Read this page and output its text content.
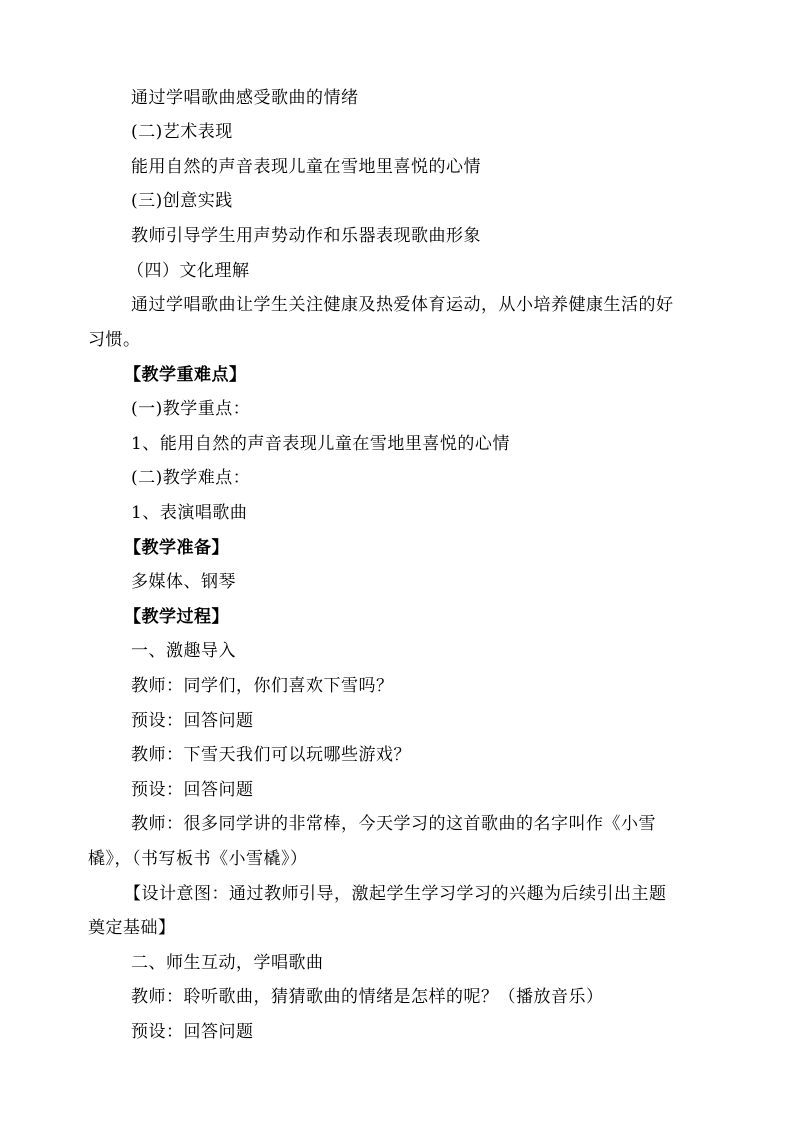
通过学唱歌曲感受歌曲的情绪
(二)艺术表现
能用自然的声音表现儿童在雪地里喜悦的心情
(三)创意实践
教师引导学生用声势动作和乐器表现歌曲形象
（四）文化理解
通过学唱歌曲让学生关注健康及热爱体育运动，从小培养健康生活的好
习惯。
【教学重难点】
(一)教学重点：
1、能用自然的声音表现儿童在雪地里喜悦的心情
(二)教学难点：
1、表演唱歌曲
【教学准备】
多媒体、钢琴
【教学过程】
一、激趣导入
教师：同学们，你们喜欢下雪吗？
预设：回答问题
教师：下雪天我们可以玩哪些游戏？
预设：回答问题
教师：很多同学讲的非常棒，今天学习的这首歌曲的名字叫作《小雪
橇》，（书写板书《小雪橇》）
【设计意图：通过教师引导，激起学生学习学习的兴趣为后续引出主题
奠定基础】
二、师生互动，学唱歌曲
教师：聆听歌曲，猜猜歌曲的情绪是怎样的呢？（播放音乐）
预设：回答问题
